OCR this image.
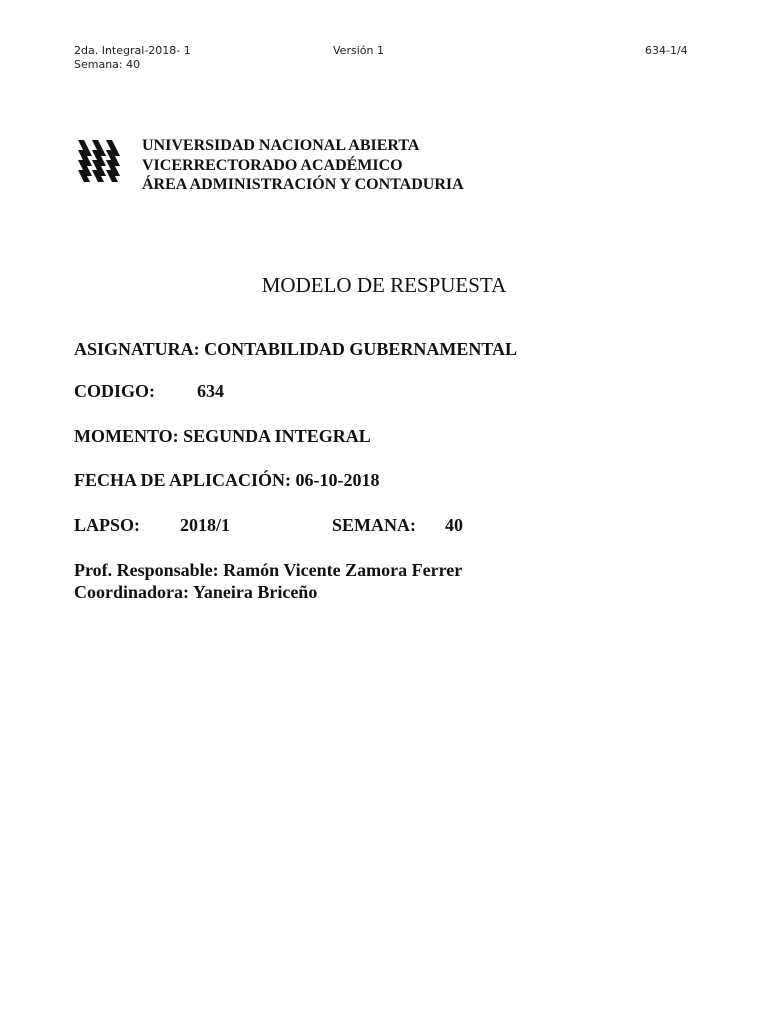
2da. Integral-2018- 1
Semana: 40
Versión 1	634-1/4
UNIVERSIDAD NACIONAL ABIERTA
VICERRECTORADO ACADÉMICO
ÁREA ADMINISTRACIÓN Y CONTADURIA
MODELO DE RESPUESTA
ASIGNATURA: CONTABILIDAD GUBERNAMENTAL
CODIGO: 634
MOMENTO: SEGUNDA INTEGRAL
FECHA DE APLICACIÓN: 06-10-2018
LAPSO: 2018/1	SEMANA: 40
Prof. Responsable: Ramón Vicente Zamora Ferrer
Coordinadora: Yaneira Briceño
